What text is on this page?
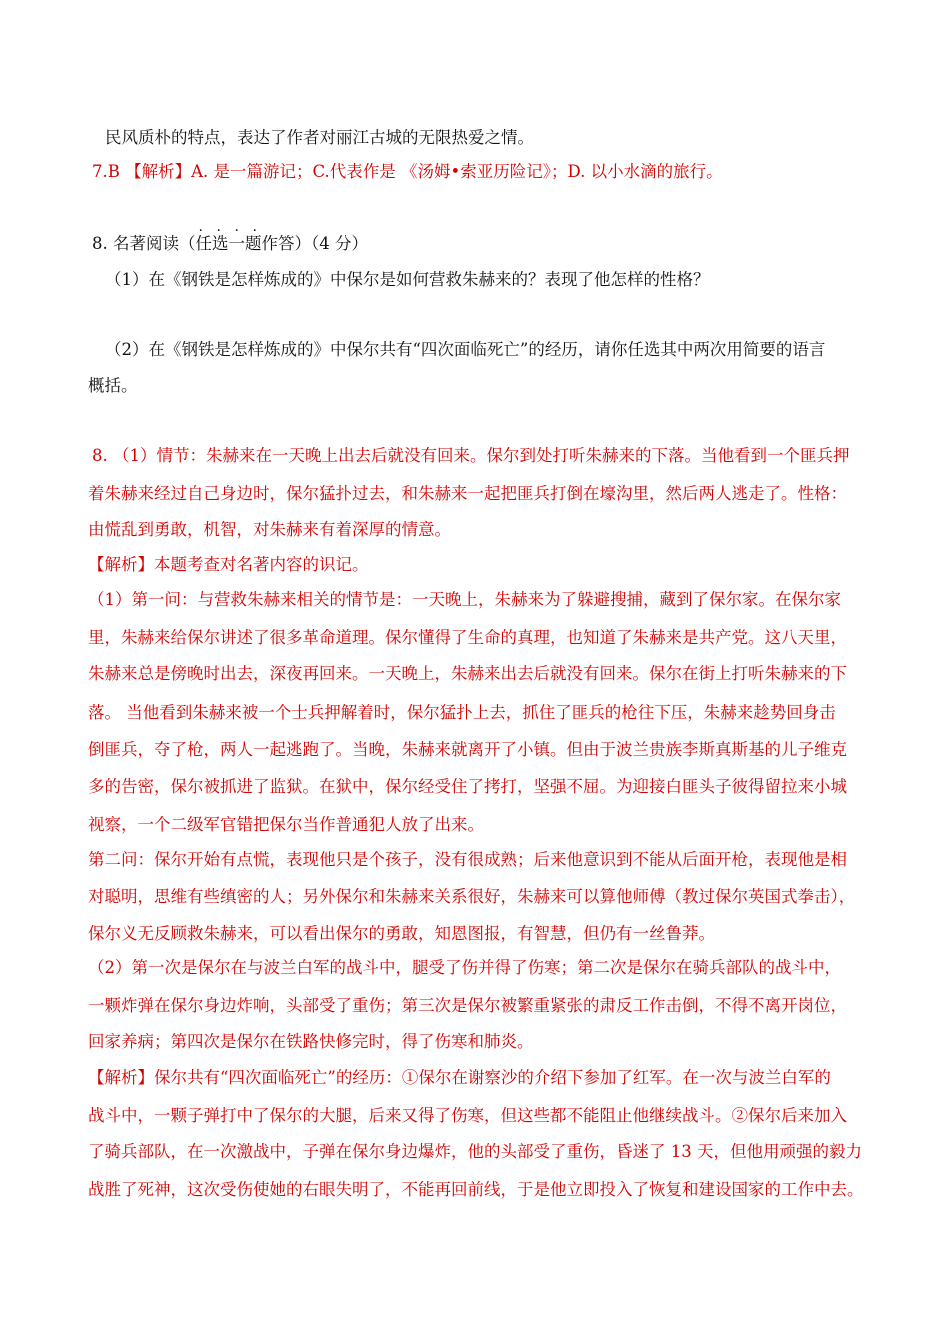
民风质朴的特点，表达了作者对丽江古城的无限热爱之情。
7.B 【解析】A. 是一篇游记；C.代表作是 《汤姆•索亚历险记》；D. 以小水滴的旅行。
8. 名著阅读（
. . . .
任选一题作答）（4 分）
（1）在《钢铁是怎样炼成的》中保尔是如何营救朱赫来的？表现了他怎样的性格？
（2）在《钢铁是怎样炼成的》中保尔共有“四次面临死亡”的经历，请你任选其中两次用简要的语言
概括。
8. （1）情节：朱赫来在一天晚上出去后就没有回来。保尔到处打听朱赫来的下落。当他看到一个匪兵押
着朱赫来经过自己身边时，保尔猛扑过去，和朱赫来一起把匪兵打倒在壕沟里，然后两人逃走了。性格：
由慌乱到勇敢，机智，对朱赫来有着深厚的情意。
【解析】本题考查对名著内容的识记。
（1）第一问：与营救朱赫来相关的情节是：一天晚上，朱赫来为了躲避搜捕，藏到了保尔家。在保尔家
里，朱赫来给保尔讲述了很多革命道理。保尔懂得了生命的真理，也知道了朱赫来是共产党。这八天里，
朱赫来总是傍晚时出去，深夜再回来。一天晚上，朱赫来出去后就没有回来。保尔在街上打听朱赫来的下
落。 当他看到朱赫来被一个士兵押解着时，保尔猛扑上去，抓住了匪兵的枪往下压，朱赫来趁势回身击
倒匪兵，夺了枪，两人一起逃跑了。当晚，朱赫来就离开了小镇。但由于波兰贵族李斯真斯基的儿子维克
多的告密，保尔被抓进了监狱。在狱中，保尔经受住了拷打，坚强不屈。为迎接白匪头子彼得留拉来小城
视察，一个二级军官错把保尔当作普通犯人放了出来。
第二问：保尔开始有点慌，表现他只是个孩子，没有很成熟；后来他意识到不能从后面开枪，表现他是相
对聪明，思维有些缜密的人；另外保尔和朱赫来关系很好，朱赫来可以算他师傅（教过保尔英国式拳击），
保尔义无反顾救朱赫来，可以看出保尔的勇敢，知恩图报，有智慧，但仍有一丝鲁莽。
（2）第一次是保尔在与波兰白军的战斗中，腿受了伤并得了伤寒；第二次是保尔在骑兵部队的战斗中，
一颗炸弹在保尔身边炸响，头部受了重伤；第三次是保尔被繁重紧张的肃反工作击倒，不得不离开岗位，
回家养病；第四次是保尔在铁路快修完时，得了伤寒和肺炎。
【解析】保尔共有“四次面临死亡”的经历：①保尔在谢察沙的介绍下参加了红军。在一次与波兰白军的
战斗中，一颗子弹打中了保尔的大腿，后来又得了伤寒，但这些都不能阻止他继续战斗。②保尔后来加入
了骑兵部队，在一次激战中，子弹在保尔身边爆炸，他的头部受了重伤，昏迷了 13 天，但他用顽强的毅力
战胜了死神，这次受伤使她的右眼失明了，不能再回前线，于是他立即投入了恢复和建设国家的工作中去。
